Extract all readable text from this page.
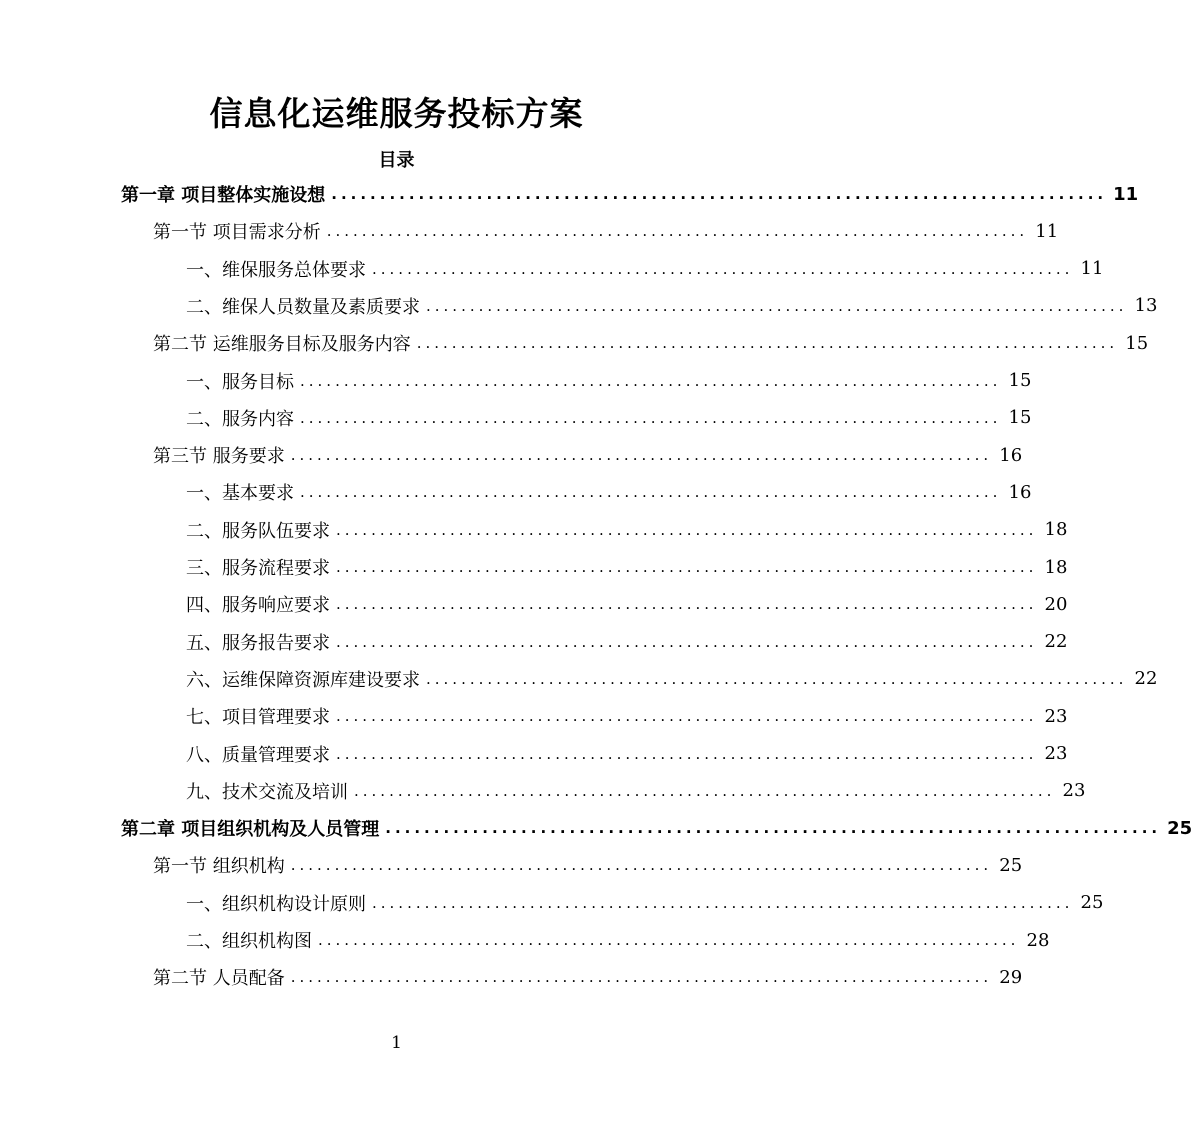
信息化运维服务投标方案
目录
第一章 项目整体实施设想 ................................................................................ 11
第一节 项目需求分析 ................................................................................ 11
一、维保服务总体要求 ................................................................................ 11
二、维保人员数量及素质要求 ................................................................................ 13
第二节 运维服务目标及服务内容 ................................................................................ 15
一、服务目标 ................................................................................ 15
二、服务内容 ................................................................................ 15
第三节 服务要求 ................................................................................ 16
一、基本要求 ................................................................................ 16
二、服务队伍要求 ................................................................................ 18
三、服务流程要求 ................................................................................ 18
四、服务响应要求 ................................................................................ 20
五、服务报告要求 ................................................................................ 22
六、运维保障资源库建设要求 ................................................................................ 22
七、项目管理要求 ................................................................................ 23
八、质量管理要求 ................................................................................ 23
九、技术交流及培训 ................................................................................ 23
第二章 项目组织机构及人员管理 ................................................................................ 25
第一节 组织机构 ................................................................................ 25
一、组织机构设计原则 ................................................................................ 25
二、组织机构图 ................................................................................ 28
第二节 人员配备 ................................................................................ 29
1
